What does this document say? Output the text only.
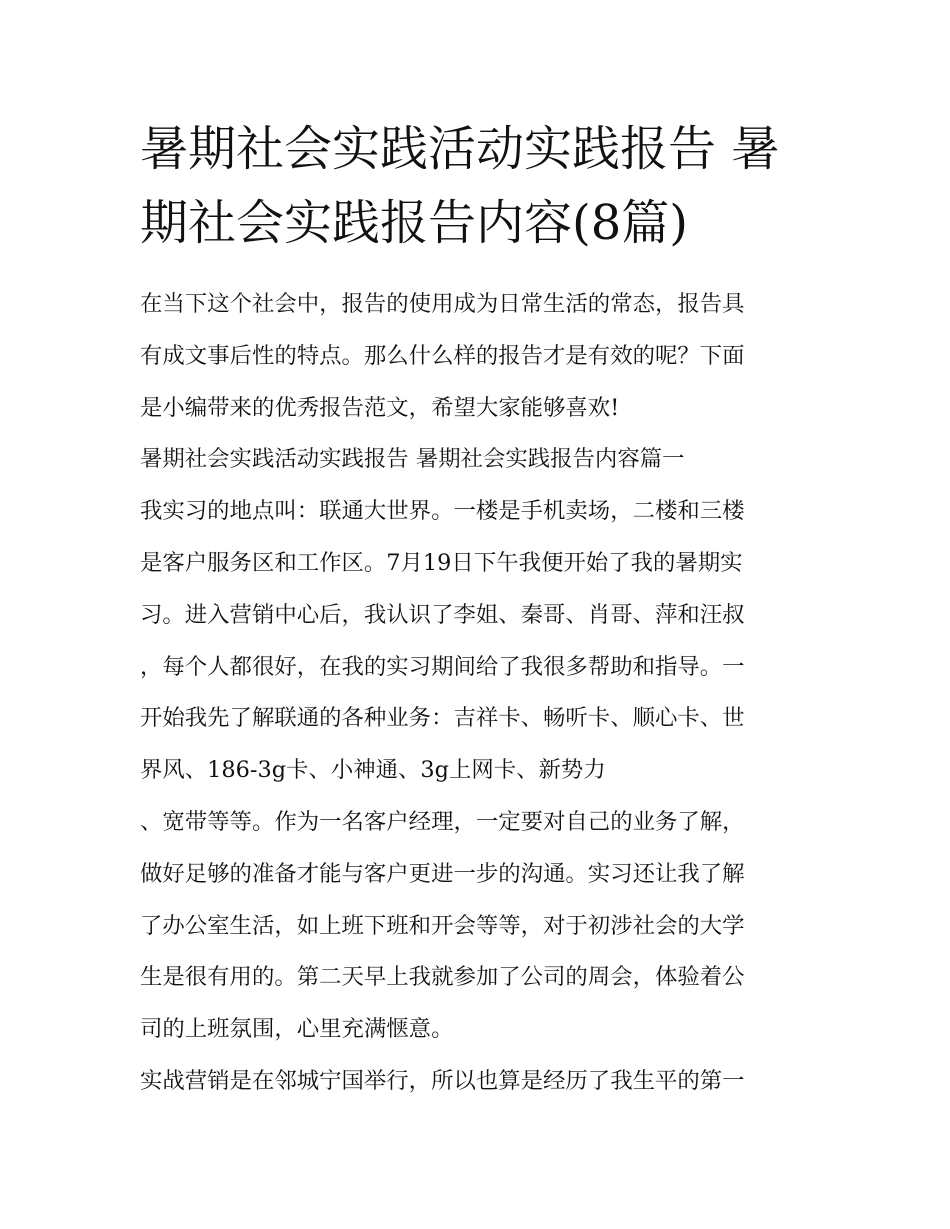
暑期社会实践活动实践报告 暑
期社会实践报告内容(8篇)
在当下这个社会中，报告的使用成为日常生活的常态，报告具
有成文事后性的特点。那么什么样的报告才是有效的呢？下面
是小编带来的优秀报告范文，希望大家能够喜欢!
暑期社会实践活动实践报告 暑期社会实践报告内容篇一
我实习的地点叫：联通大世界。一楼是手机卖场，二楼和三楼
是客户服务区和工作区。7月19日下午我便开始了我的暑期实
习。进入营销中心后，我认识了李姐、秦哥、肖哥、萍和汪叔
，每个人都很好，在我的实习期间给了我很多帮助和指导。一
开始我先了解联通的各种业务：吉祥卡、畅听卡、顺心卡、世
界风、186-3g卡、小神通、3g上网卡、新势力
、宽带等等。作为一名客户经理，一定要对自己的业务了解，
做好足够的准备才能与客户更进一步的沟通。实习还让我了解
了办公室生活，如上班下班和开会等等，对于初涉社会的大学
生是很有用的。第二天早上我就参加了公司的周会，体验着公
司的上班氛围，心里充满惬意。
实战营销是在邻城宁国举行，所以也算是经历了我生平的第一
